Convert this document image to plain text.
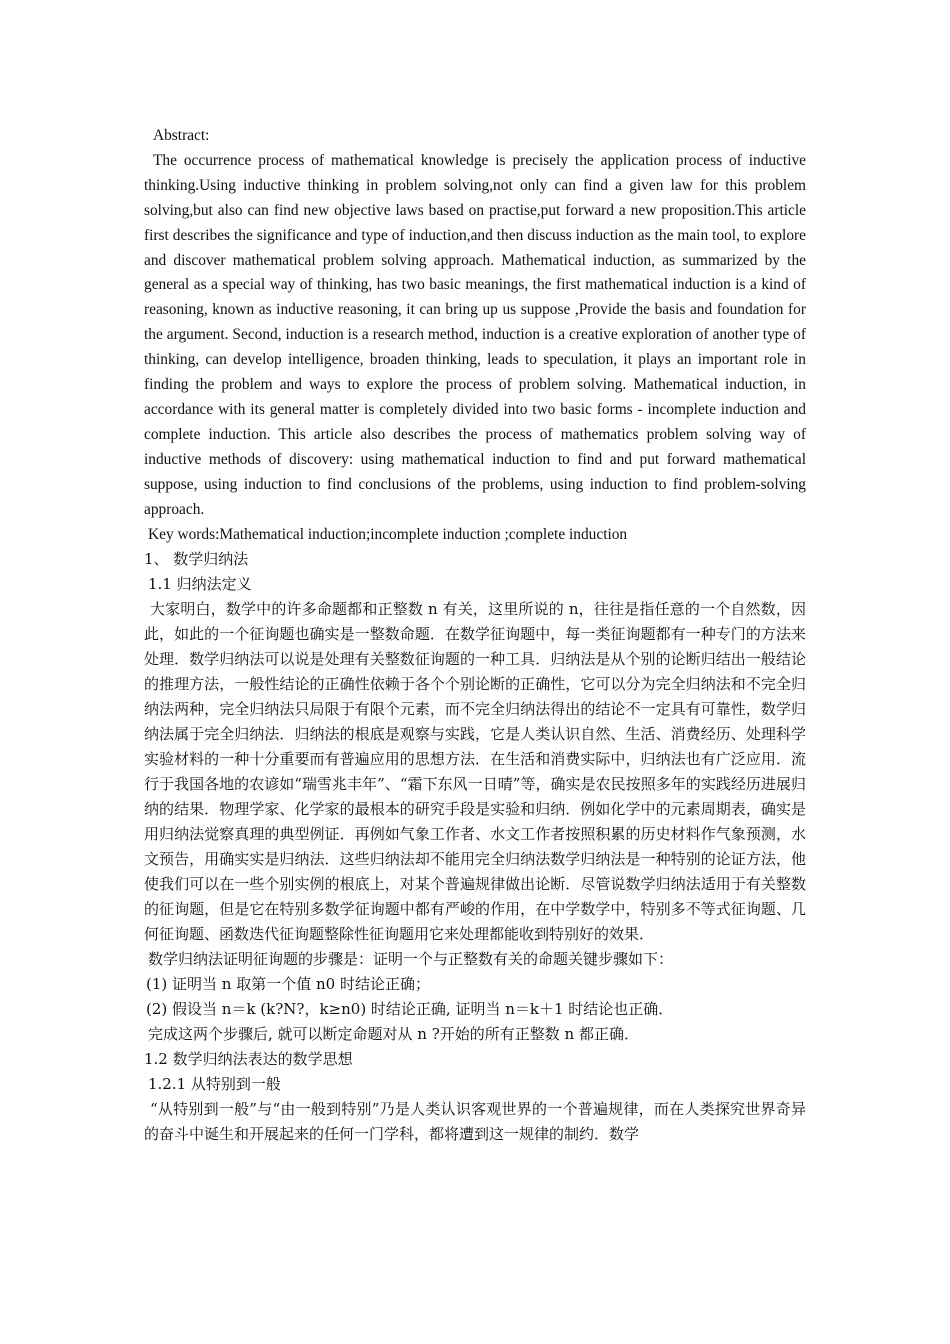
Abstract:

The occurrence process of mathematical knowledge is precisely the application process of inductive thinking.Using inductive thinking in problem solving,not only can find a given law for this problem solving,but also can find new objective laws based on practise,put forward a new proposition.This article first describes the significance and type of induction,and then discuss induction as the main tool, to explore and discover mathematical problem solving approach. Mathematical induction, as summarized by the general as a special way of thinking, has two basic meanings, the first mathematical induction is a kind of reasoning, known as inductive reasoning, it can bring up us suppose ,Provide the basis and foundation for the argument. Second, induction is a research method, induction is a creative exploration of another type of thinking, can develop intelligence, broaden thinking, leads to speculation, it plays an important role in finding the problem and ways to explore the process of problem solving. Mathematical induction, in accordance with its general matter is completely divided into two basic forms - incomplete induction and complete induction. This article also describes the process of mathematics problem solving way of inductive methods of discovery: using mathematical induction to find and put forward mathematical suppose, using induction to find conclusions of the problems, using induction to find problem-solving approach.

Key words:Mathematical induction;incomplete induction ;complete induction

1、 数学归纳法

1.1 归纳法定义

大家明白，数学中的许多命题都和正整数 n 有关，这里所说的 n，往往是指任意的一个自然数，因此，如此的一个征询题也确实是一整数命题．在数学征询题中，每一类征询题都有一种专门的方法来处理．数学归纳法可以说是处理有关整数征询题的一种工具．归纳法是从个别的论断归结出一般结论的推理方法，一般性结论的正确性依赖于各个个别论断的正确性，它可以分为完全归纳法和不完全归纳法两种，完全归纳法只局限于有限个元素，而不完全归纳法得出的结论不一定具有可靠性，数学归纳法属于完全归纳法．归纳法的根底是观察与实践，它是人类认识自然、生活、消费经历、处理科学实验材料的一种十分重要而有普遍应用的思想方法．在生活和消费实际中，归纳法也有广泛应用．流行于我国各地的农谚如“瑞雪兆丰年”、“霜下东风一日晴”等，确实是农民按照多年的实践经历进展归纳的结果．物理学家、化学家的最根本的研究手段是实验和归纳．例如化学中的元素周期表，确实是用归纳法觉察真理的典型例证．再例如气象工作者、水文工作者按照积累的历史材料作气象预测，水文预告，用确实实是归纳法．这些归纳法却不能用完全归纳法数学归纳法是一种特别的论证方法，他使我们可以在一些个别实例的根底上，对某个普遍规律做出论断．尽管说数学归纳法适用于有关整数的征询题，但是它在特别多数学征询题中都有严峻的作用，在中学数学中，特别多不等式征询题、几何征询题、函数迭代征询题整除性征询题用它来处理都能收到特别好的效果．

数学归纳法证明征询题的步骤是：证明一个与正整数有关的命题关键步骤如下：

(1) 证明当 n 取第一个值 n0 时结论正确；

(2) 假设当 n＝k (k?N?，k≥n0) 时结论正确, 证明当 n＝k＋1 时结论也正确．

完成这两个步骤后, 就可以断定命题对从 n ?开始的所有正整数 n 都正确．

1.2 数学归纳法表达的数学思想

1.2.1 从特别到一般

“从特别到一般”与“由一般到特别”乃是人类认识客观世界的一个普遍规律，而在人类探究世界奇异的奋斗中诞生和开展起来的任何一门学科，都将遭到这一规律的制约．数学
